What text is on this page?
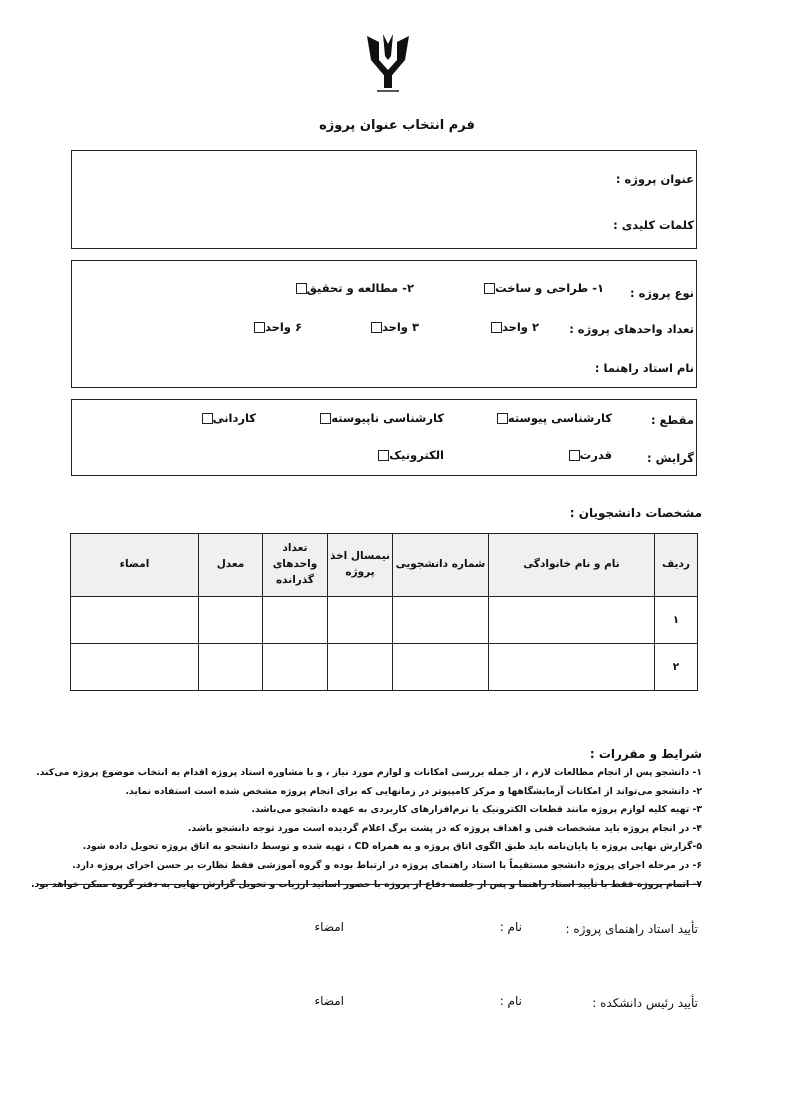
فرم انتخاب عنوان پروژه
عنوان پروژه :
کلمات کلیدی :
نوع پروژه :
۱- طراحی و ساخت
۲- مطالعه و تحقیق
تعداد واحدهای پروژه :
۲ واحد
۳ واحد
۶ واحد
نام استاد راهنما :
مقطع :
کارشناسی پیوسته
کارشناسی ناپیوسته
کاردانی
گرایش :
قدرت
الکترونیک
مشخصات دانشجویان :
ردیف	نام و نام خانوادگی	شماره دانشجویی	نیمسال اخذ پروژه	تعداد واحدهای گذرانده	معدل	امضاء
۱						
۲						
شرایط و مقررات :
۱- دانشجو پس از انجام مطالعات لازم ، از جمله بررسی امکانات و لوازم مورد نیاز ، و با مشاوره استاد پروژه اقدام به انتخاب موضوع پروژه می‌کند.
۲- دانشجو می‌تواند از امکانات آزمایشگاهها و مرکز کامپیوتر در زمانهایی که برای انجام پروژه مشخص شده است استفاده نماید.
۳- تهیه کلیه لوازم پروژه مانند قطعات الکترونیک یا نرم‌افزارهای کاربردی به عهده دانشجو می‌باشد.
۴- در انجام پروژه باید مشخصات فنی و اهداف پروژه که در پشت برگ اعلام گردیده است مورد توجه دانشجو باشد.
۵-گزارش نهایی پروژه یا پایان‌نامه باید طبق الگوی اتاق پروژه و به همراه CD ، تهیه شده و توسط دانشجو به اتاق پروژه تحویل داده شود.
۶- در مرحله اجرای پروژه دانشجو مستقیماً با استاد راهنمای پروژه در ارتباط بوده و گروه آموزشی فقط نظارت بر حسن اجرای پروژه دارد.
۷- اتمام پروژه فقط با تأیید استاد راهنما و پس از جلسه دفاع از پروژه با حضور اساتید ارزیاب و تحویل گزارش نهایی به دفتر گروه ممکن خواهد بود.
تأیید استاد راهنمای پروژه :
نام :
امضاء
تأیید رئیس دانشکده :
نام :
امضاء
